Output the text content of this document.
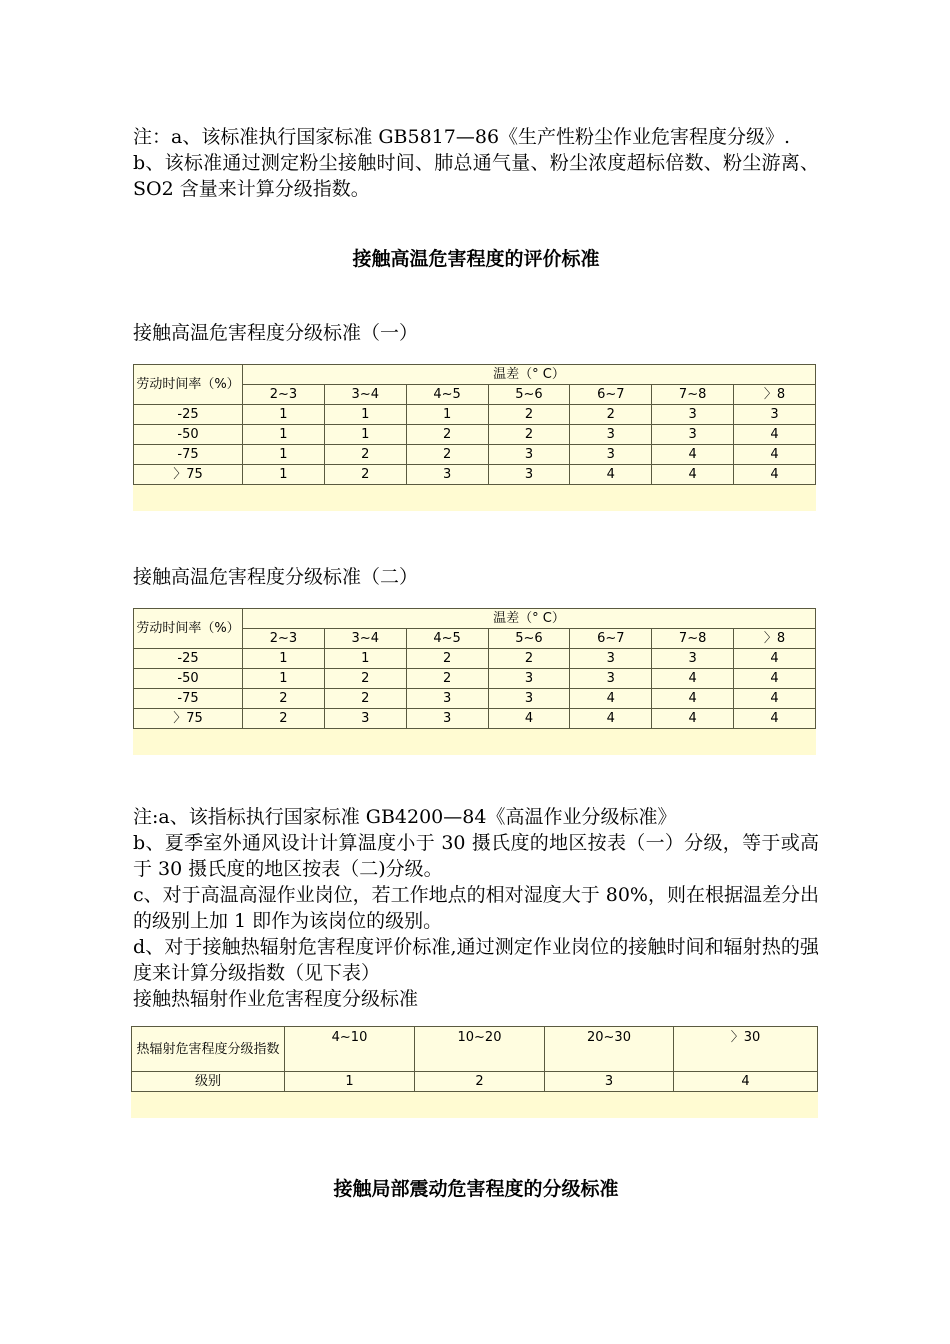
注：a、该标准执行国家标准 GB5817—86《生产性粉尘作业危害程度分级》.
b、该标准通过测定粉尘接触时间、肺总通气量、粉尘浓度超标倍数、粉尘游离、SO2 含量来计算分级指数。
接触高温危害程度的评价标准
接触高温危害程度分级标准（一）
劳动时间率（%）	温差（° C）						
	2~3	3~4	4~5	5~6	6~7	7~8	〉8
-25	1	1	1	2	2	3	3
-50	1	1	2	2	3	3	4
-75	1	2	2	3	3	4	4
〉75	1	2	3	3	4	4	4
接触高温危害程度分级标准（二）
劳动时间率（%）	温差（° C）						
	2~3	3~4	4~5	5~6	6~7	7~8	〉8
-25	1	1	2	2	3	3	4
-50	1	2	2	3	3	4	4
-75	2	2	3	3	4	4	4
〉75	2	3	3	4	4	4	4
注:a、该指标执行国家标准 GB4200—84《高温作业分级标准》
b、夏季室外通风设计计算温度小于 30 摄氏度的地区按表（一）分级，等于或高于 30 摄氏度的地区按表（二)分级。
c、对于高温高湿作业岗位，若工作地点的相对湿度大于 80%，则在根据温差分出的级别上加 1 即作为该岗位的级别。
d、对于接触热辐射危害程度评价标准,通过测定作业岗位的接触时间和辐射热的强度来计算分级指数（见下表）
接触热辐射作业危害程度分级标准
热辐射危害程度分级指数	4~10	10~20	20~30	〉30
级别	1	2	3	4
接触局部震动危害程度的分级标准
